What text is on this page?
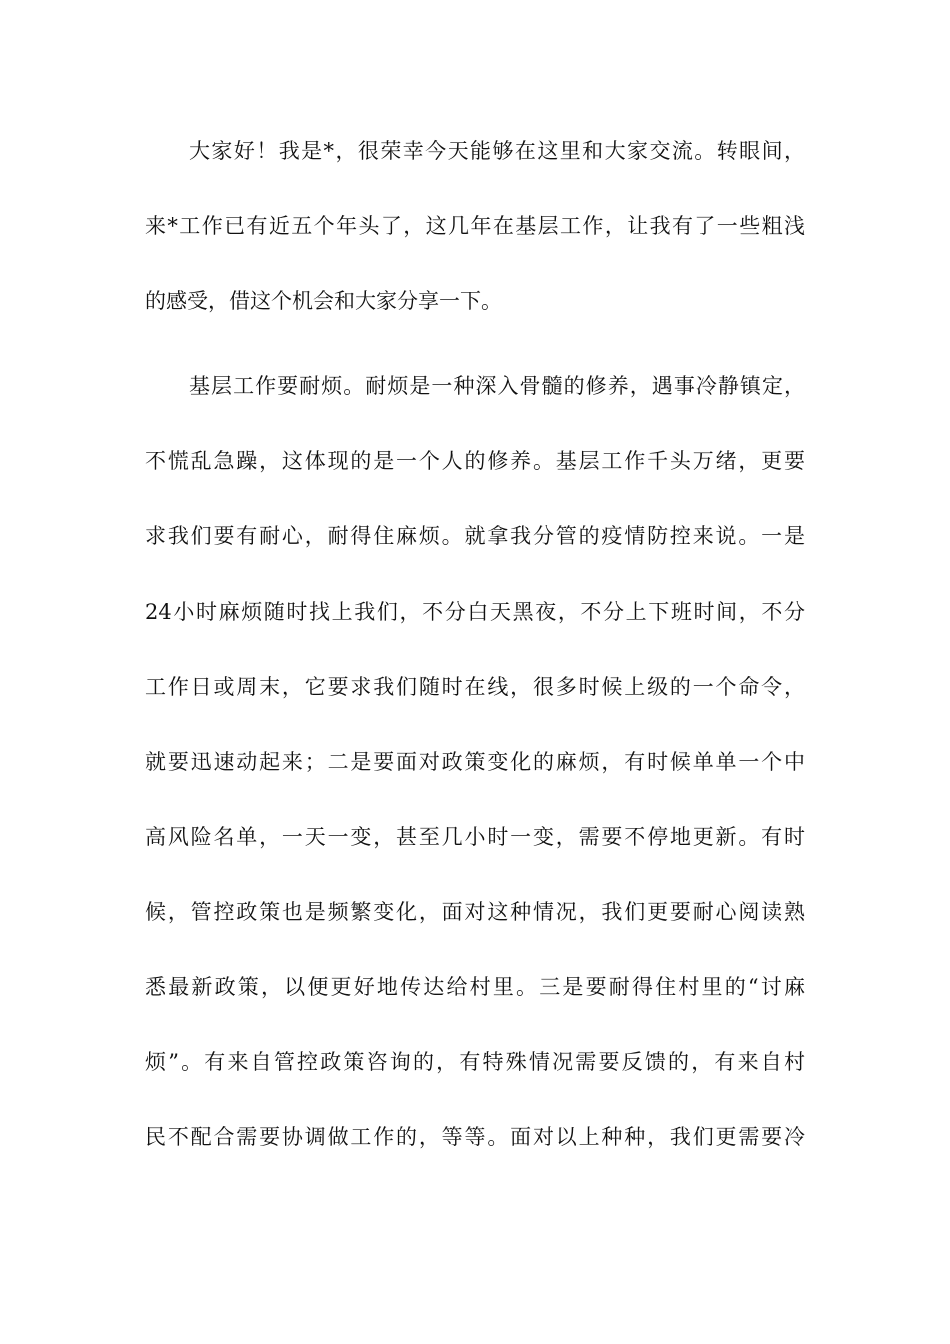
大家好！我是*，很荣幸今天能够在这里和大家交流。转眼间，
来*工作已有近五个年头了，这几年在基层工作，让我有了一些粗浅
的感受，借这个机会和大家分享一下。
基层工作要耐烦。耐烦是一种深入骨髓的修养，遇事冷静镇定，
不慌乱急躁，这体现的是一个人的修养。基层工作千头万绪，更要
求我们要有耐心，耐得住麻烦。就拿我分管的疫情防控来说。一是
24小时麻烦随时找上我们，不分白天黑夜，不分上下班时间，不分
工作日或周末，它要求我们随时在线，很多时候上级的一个命令，
就要迅速动起来；二是要面对政策变化的麻烦，有时候单单一个中
高风险名单，一天一变，甚至几小时一变，需要不停地更新。有时
候，管控政策也是频繁变化，面对这种情况，我们更要耐心阅读熟
悉最新政策，以便更好地传达给村里。三是要耐得住村里的“讨麻
烦”。有来自管控政策咨询的，有特殊情况需要反馈的，有来自村
民不配合需要协调做工作的，等等。面对以上种种，我们更需要冷
